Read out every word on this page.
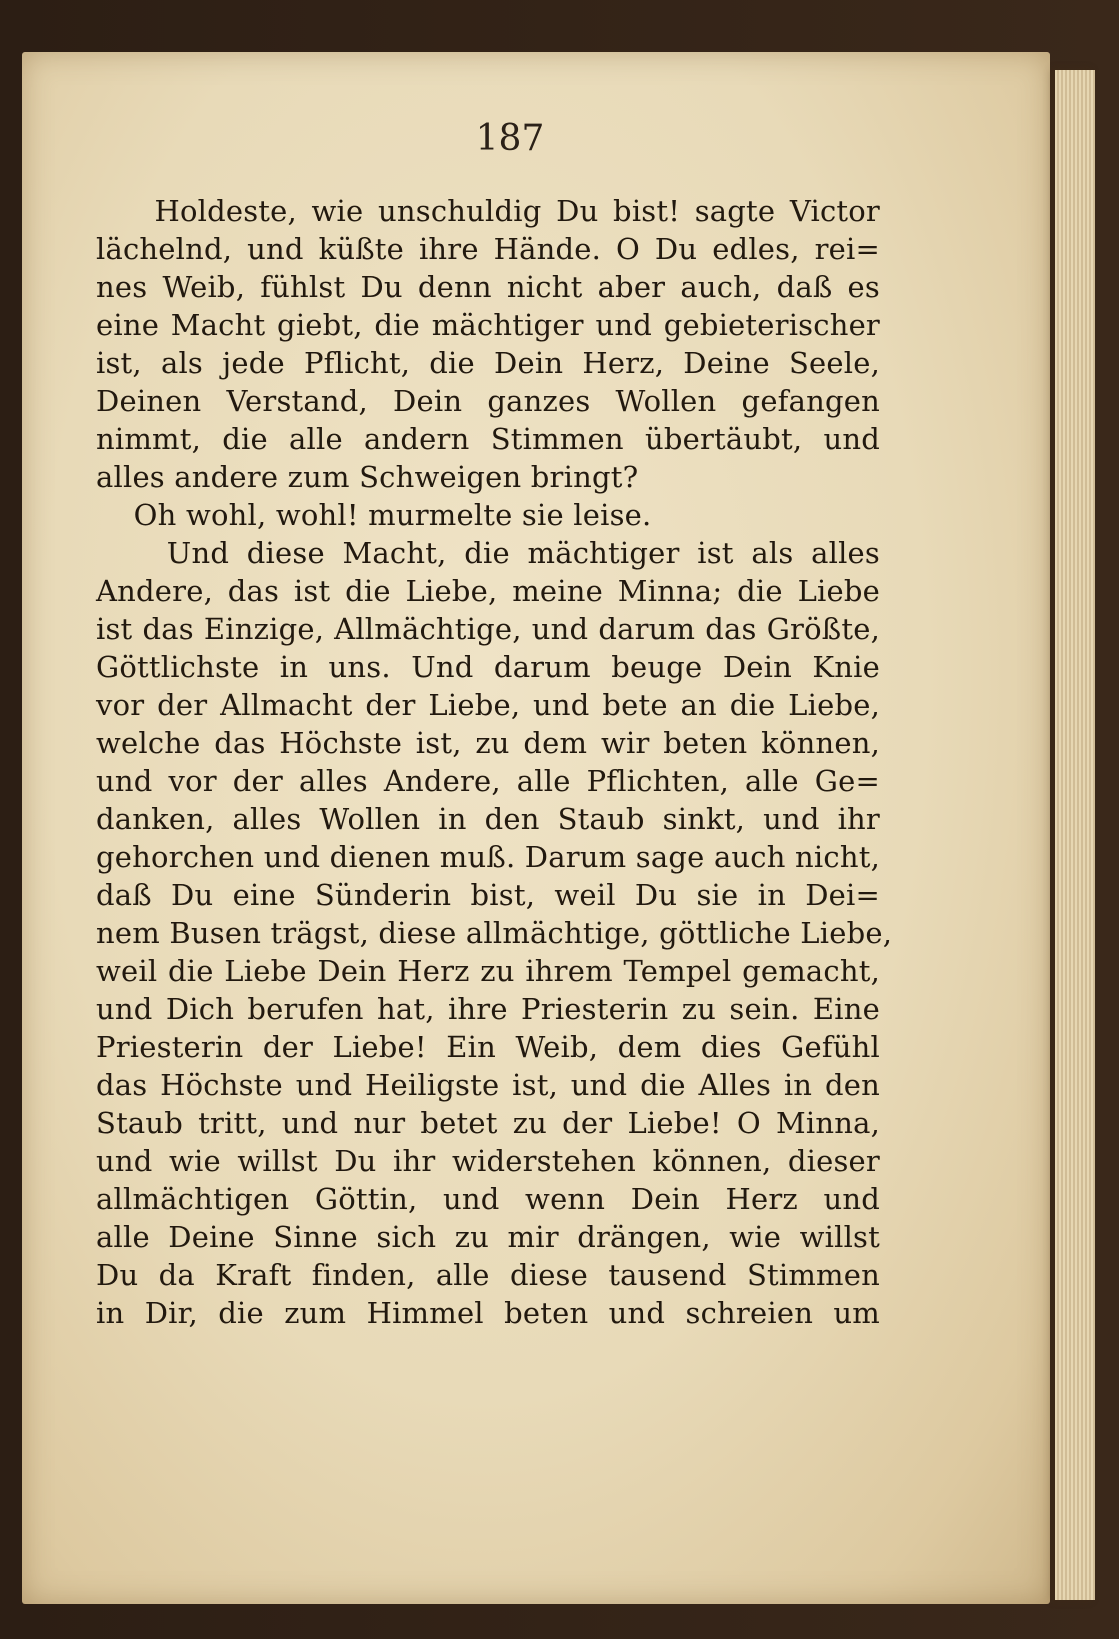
187
Holdeste, wie unschuldig Du bist! sagte Victor
lächelnd, und küßte ihre Hände. O Du edles, rei=
nes Weib, fühlst Du denn nicht aber auch, daß es
eine Macht giebt, die mächtiger und gebieterischer
ist, als jede Pflicht, die Dein Herz, Deine Seele,
Deinen Verstand, Dein ganzes Wollen gefangen
nimmt, die alle andern Stimmen übertäubt, und
alles andere zum Schweigen bringt?
Oh wohl, wohl! murmelte sie leise.
Und diese Macht, die mächtiger ist als alles
Andere, das ist die Liebe, meine Minna; die Liebe
ist das Einzige, Allmächtige, und darum das Größte,
Göttlichste in uns. Und darum beuge Dein Knie
vor der Allmacht der Liebe, und bete an die Liebe,
welche das Höchste ist, zu dem wir beten können,
und vor der alles Andere, alle Pflichten, alle Ge=
danken, alles Wollen in den Staub sinkt, und ihr
gehorchen und dienen muß. Darum sage auch nicht,
daß Du eine Sünderin bist, weil Du sie in Dei=
nem Busen trägst, diese allmächtige, göttliche Liebe,
weil die Liebe Dein Herz zu ihrem Tempel gemacht,
und Dich berufen hat, ihre Priesterin zu sein. Eine
Priesterin der Liebe! Ein Weib, dem dies Gefühl
das Höchste und Heiligste ist, und die Alles in den
Staub tritt, und nur betet zu der Liebe! O Minna,
und wie willst Du ihr widerstehen können, dieser
allmächtigen Göttin, und wenn Dein Herz und
alle Deine Sinne sich zu mir drängen, wie willst
Du da Kraft finden, alle diese tausend Stimmen
in Dir, die zum Himmel beten und schreien um
